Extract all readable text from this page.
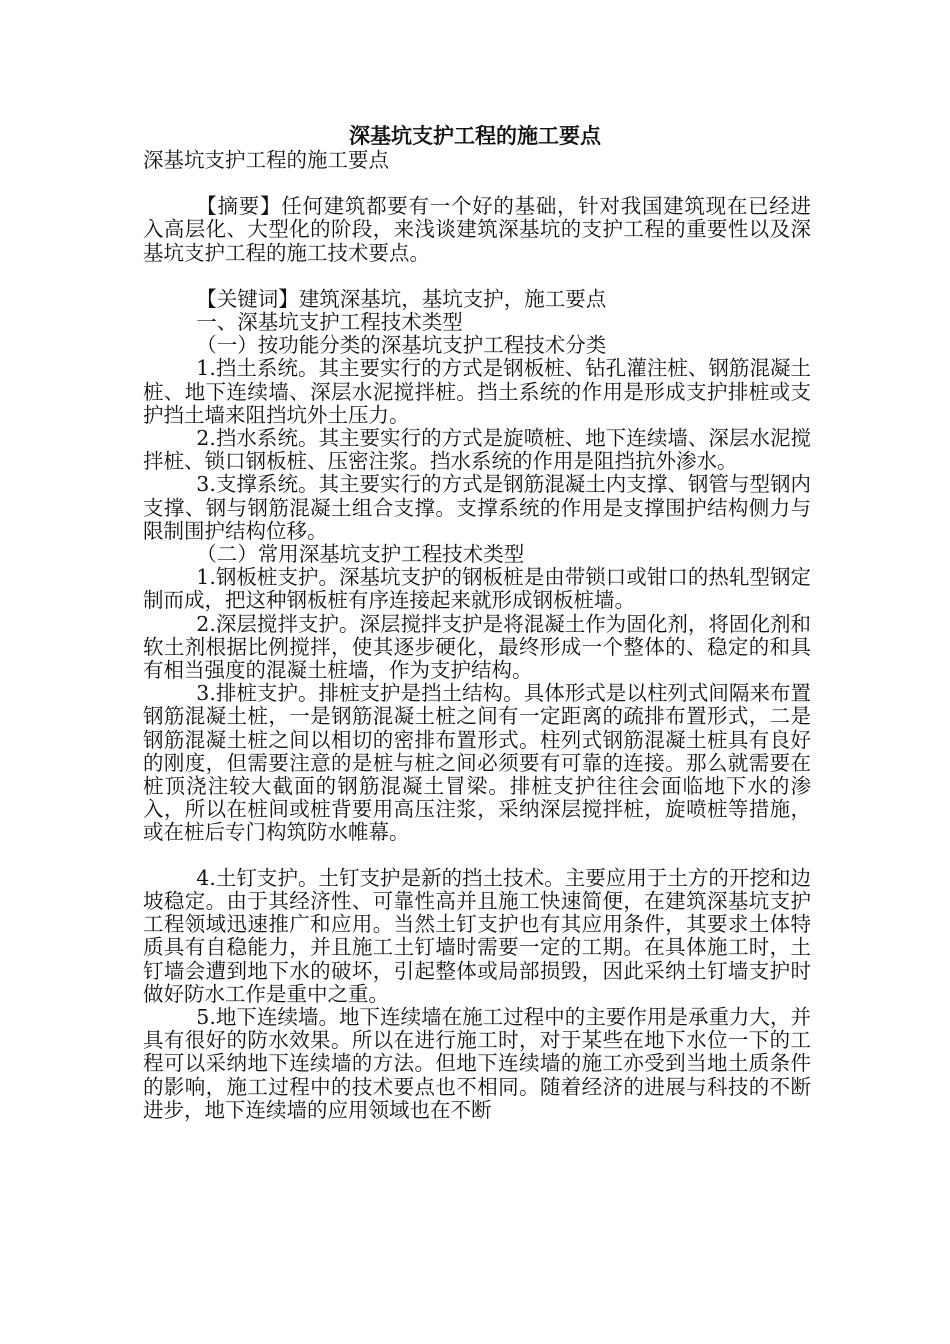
深基坑支护工程的施工要点

深基坑支护工程的施工要点

【摘要】任何建筑都要有一个好的基础，针对我国建筑现在已经进入高层化、大型化的阶段，来浅谈建筑深基坑的支护工程的重要性以及深基坑支护工程的施工技术要点。

【关键词】建筑深基坑，基坑支护，施工要点

一、深基坑支护工程技术类型

（一）按功能分类的深基坑支护工程技术分类

1.挡土系统。其主要实行的方式是钢板桩、钻孔灌注桩、钢筋混凝土桩、地下连续墙、深层水泥搅拌桩。挡土系统的作用是形成支护排桩或支护挡土墙来阻挡坑外土压力。

2.挡水系统。其主要实行的方式是旋喷桩、地下连续墙、深层水泥搅拌桩、锁口钢板桩、压密注浆。挡水系统的作用是阻挡抗外渗水。

3.支撑系统。其主要实行的方式是钢筋混凝土内支撑、钢管与型钢内支撑、钢与钢筋混凝土组合支撑。支撑系统的作用是支撑围护结构侧力与限制围护结构位移。

（二）常用深基坑支护工程技术类型

1.钢板桩支护。深基坑支护的钢板桩是由带锁口或钳口的热轧型钢定制而成，把这种钢板桩有序连接起来就形成钢板桩墙。

2.深层搅拌支护。深层搅拌支护是将混凝土作为固化剂，将固化剂和软土剂根据比例搅拌，使其逐步硬化，最终形成一个整体的、稳定的和具有相当强度的混凝土桩墙，作为支护结构。

3.排桩支护。排桩支护是挡土结构。具体形式是以柱列式间隔来布置钢筋混凝土桩，一是钢筋混凝土桩之间有一定距离的疏排布置形式，二是钢筋混凝土桩之间以相切的密排布置形式。柱列式钢筋混凝土桩具有良好的刚度，但需要注意的是桩与桩之间必须要有可靠的连接。那么就需要在桩顶浇注较大截面的钢筋混凝土冒梁。排桩支护往往会面临地下水的渗入，所以在桩间或桩背要用高压注浆，采纳深层搅拌桩，旋喷桩等措施，或在桩后专门构筑防水帷幕。

4.土钉支护。土钉支护是新的挡土技术。主要应用于土方的开挖和边坡稳定。由于其经济性、可靠性高并且施工快速简便，在建筑深基坑支护工程领域迅速推广和应用。当然土钉支护也有其应用条件，其要求土体特质具有自稳能力，并且施工土钉墙时需要一定的工期。在具体施工时，土钉墙会遭到地下水的破坏，引起整体或局部损毁，因此采纳土钉墙支护时做好防水工作是重中之重。

5.地下连续墙。地下连续墙在施工过程中的主要作用是承重力大，并具有很好的防水效果。所以在进行施工时，对于某些在地下水位一下的工程可以采纳地下连续墙的方法。但地下连续墙的施工亦受到当地土质条件的影响，施工过程中的技术要点也不相同。随着经济的进展与科技的不断进步，地下连续墙的应用领域也在不断
